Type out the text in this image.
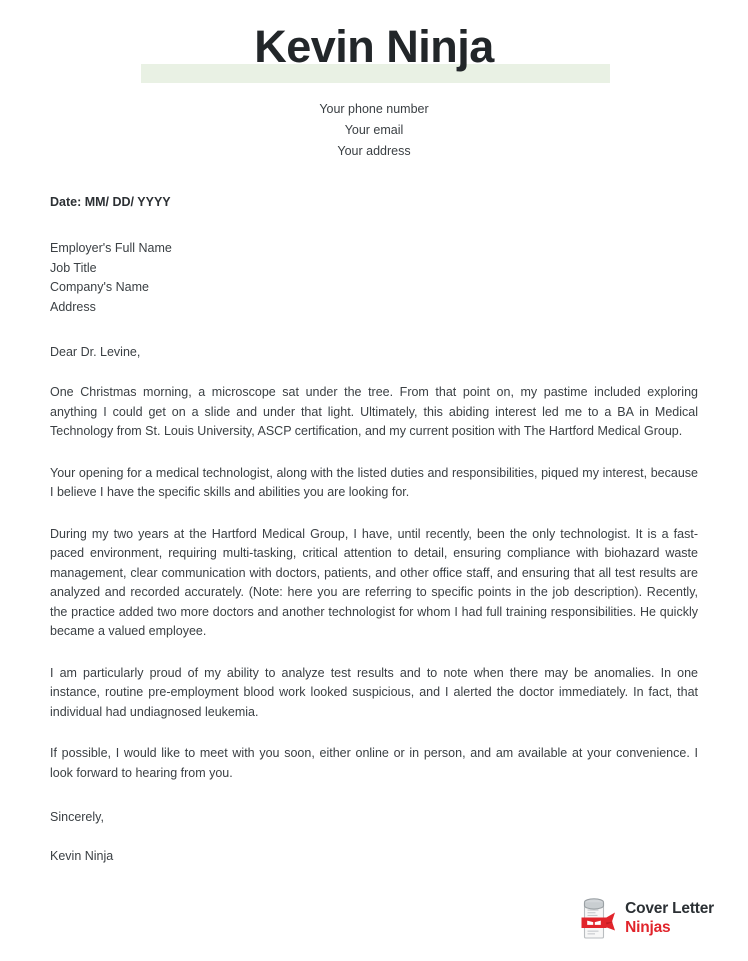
Kevin Ninja
Your phone number
Your email
Your address
Date: MM/ DD/ YYYY
Employer's Full Name
Job Title
Company's Name
Address
Dear Dr. Levine,

One Christmas morning, a microscope sat under the tree. From that point on, my pastime included exploring anything I could get on a slide and under that light. Ultimately, this abiding interest led me to a BA in Medical Technology from St. Louis University, ASCP certification, and my current position with The Hartford Medical Group.

Your opening for a medical technologist, along with the listed duties and responsibilities, piqued my interest, because I believe I have the specific skills and abilities you are looking for.

During my two years at the Hartford Medical Group, I have, until recently, been the only technologist. It is a fast-paced environment, requiring multi-tasking, critical attention to detail, ensuring compliance with biohazard waste management, clear communication with doctors, patients, and other office staff, and ensuring that all test results are analyzed and recorded accurately. (Note: here you are referring to specific points in the job description). Recently, the practice added two more doctors and another technologist for whom I had full training responsibilities. He quickly became a valued employee.

I am particularly proud of my ability to analyze test results and to note when there may be anomalies. In one instance, routine pre-employment blood work looked suspicious, and I alerted the doctor immediately. In fact, that individual had undiagnosed leukemia.

If possible, I would like to meet with you soon, either online or in person, and am available at your convenience. I look forward to hearing from you.

Sincerely,
Kevin Ninja
Cover Letter
Ninjas
